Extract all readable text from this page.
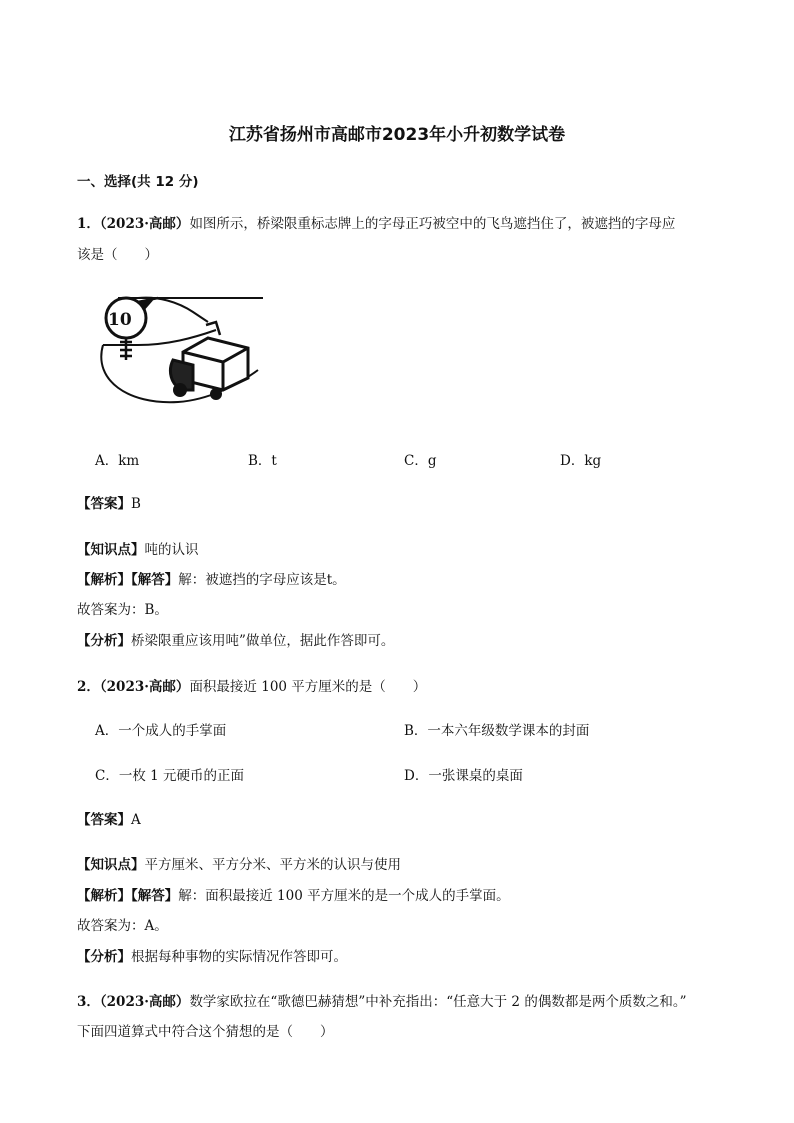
江苏省扬州市高邮市2023年小升初数学试卷
一、选择(共 12 分)
1．（2023·高邮）如图所示，桥梁限重标志牌上的字母正巧被空中的飞鸟遮挡住了，被遮挡的字母应
该是（　　）
10
A．km	B．t	C．g	D．kg
【答案】B
【知识点】吨的认识
【解析】【解答】解：被遮挡的字母应该是t。
故答案为：B。
【分析】桥梁限重应该用吨”做单位，据此作答即可。
2．（2023·高邮）面积最接近 100 平方厘米的是（　　）
A．一个成人的手掌面	B．一本六年级数学课本的封面
C．一枚 1 元硬币的正面	D．一张课桌的桌面
【答案】A
【知识点】平方厘米、平方分米、平方米的认识与使用
【解析】【解答】解：面积最接近 100 平方厘米的是一个成人的手掌面。
故答案为：A。
【分析】根据每种事物的实际情况作答即可。
3．（2023·高邮）数学家欧拉在“歌德巴赫猜想”中补充指出：“任意大于 2 的偶数都是两个质数之和。”
下面四道算式中符合这个猜想的是（　　）
